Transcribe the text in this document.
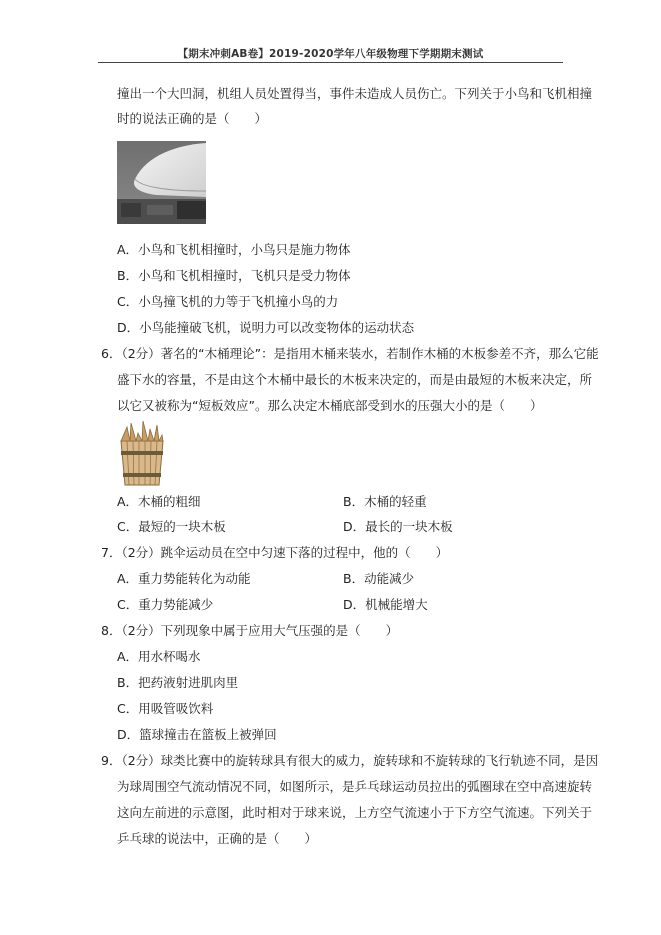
【期末冲刺AB卷】2019-2020学年八年级物理下学期期末测试
撞出一个大凹洞，机组人员处置得当，事件未造成人员伤亡。下列关于小鸟和飞机相撞
时的说法正确的是（　　）
A．小鸟和飞机相撞时，小鸟只是施力物体
B．小鸟和飞机相撞时，飞机只是受力物体
C．小鸟撞飞机的力等于飞机撞小鸟的力
D．小鸟能撞破飞机，说明力可以改变物体的运动状态
6．（2分）著名的“木桶理论”：是指用木桶来装水，若制作木桶的木板参差不齐，那么它能
盛下水的容量，不是由这个木桶中最长的木板来决定的，而是由最短的木板来决定，所
以它又被称为“短板效应”。那么决定木桶底部受到水的压强大小的是（　　）
A．木桶的粗细	B．木桶的轻重
C．最短的一块木板	D．最长的一块木板
7．（2分）跳伞运动员在空中匀速下落的过程中，他的（　　）
A．重力势能转化为动能	B．动能减少
C．重力势能减少	D．机械能增大
8．（2分）下列现象中属于应用大气压强的是（　　）
A．用水杯喝水
B．把药液射进肌肉里
C．用吸管吸饮料
D．篮球撞击在篮板上被弹回
9．（2分）球类比赛中的旋转球具有很大的威力，旋转球和不旋转球的飞行轨迹不同，是因
为球周围空气流动情况不同，如图所示，是乒乓球运动员拉出的弧圈球在空中高速旋转
这向左前进的示意图，此时相对于球来说，上方空气流速小于下方空气流速。下列关于
乒乓球的说法中，正确的是（　　）
